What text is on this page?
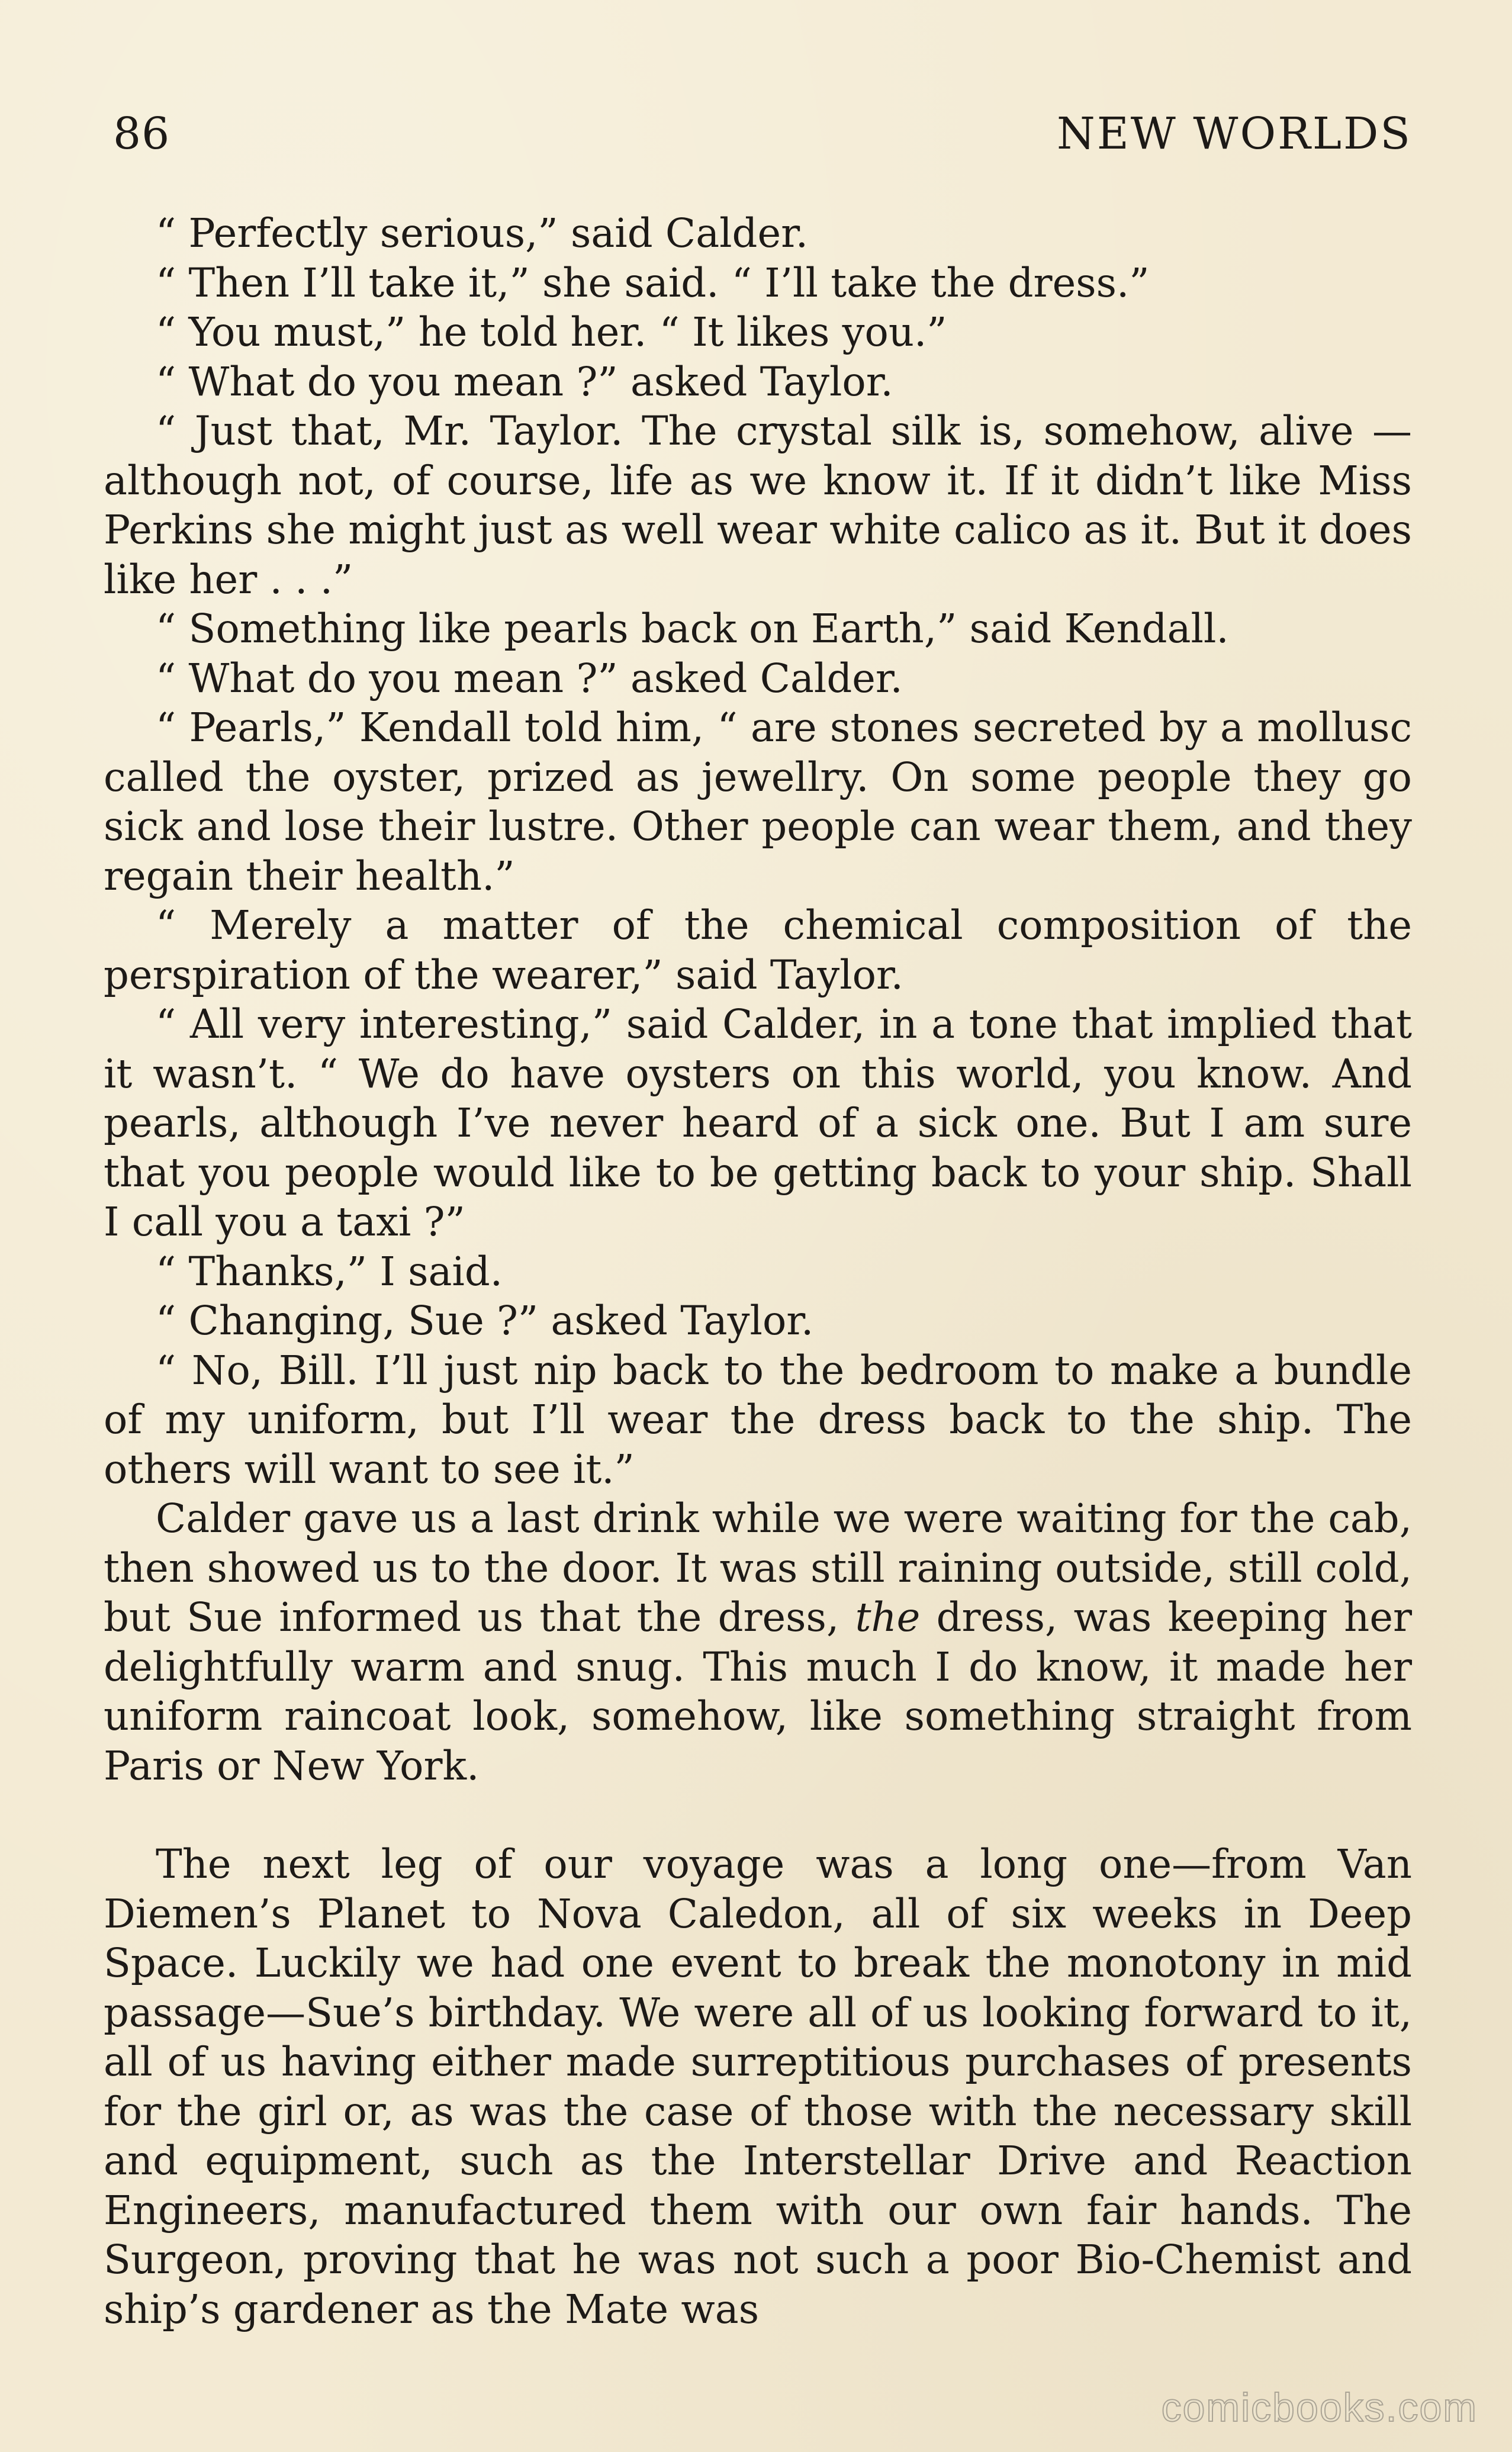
86	NEW WORLDS

“ Perfectly serious,” said Calder.

“ Then I’ll take it,” she said. “ I’ll take the dress.”

“ You must,” he told her. “ It likes you.”

“ What do you mean ?” asked Taylor.

“ Just that, Mr. Taylor. The crystal silk is, somehow, alive —although not, of course, life as we know it. If it didn’t like Miss Perkins she might just as well wear white calico as it. But it does like her . . .”

“ Something like pearls back on Earth,” said Kendall.

“ What do you mean ?” asked Calder.

“ Pearls,” Kendall told him, “ are stones secreted by a mollusc called the oyster, prized as jewellry. On some people they go sick and lose their lustre. Other people can wear them, and they regain their health.”

“ Merely a matter of the chemical composition of the perspiration of the wearer,” said Taylor.

“ All very interesting,” said Calder, in a tone that implied that it wasn’t. “ We do have oysters on this world, you know. And pearls, although I’ve never heard of a sick one. But I am sure that you people would like to be getting back to your ship. Shall I call you a taxi ?”

“ Thanks,” I said.

“ Changing, Sue ?” asked Taylor.

“ No, Bill. I’ll just nip back to the bedroom to make a bundle of my uniform, but I’ll wear the dress back to the ship. The others will want to see it.”

Calder gave us a last drink while we were waiting for the cab, then showed us to the door. It was still raining outside, still cold, but Sue informed us that the dress, the dress, was keeping her delightfully warm and snug. This much I do know, it made her uniform raincoat look, somehow, like something straight from Paris or New York.

The next leg of our voyage was a long one—from Van Diemen’s Planet to Nova Caledon, all of six weeks in Deep Space. Luckily we had one event to break the monotony in mid passage—Sue’s birthday. We were all of us looking forward to it, all of us having either made surreptitious purchases of presents for the girl or, as was the case of those with the necessary skill and equipment, such as the Interstellar Drive and Reaction Engineers, manufactured them with our own fair hands. The Surgeon, proving that he was not such a poor Bio-Chemist and ship’s gardener as the Mate was

comicbooks.com
